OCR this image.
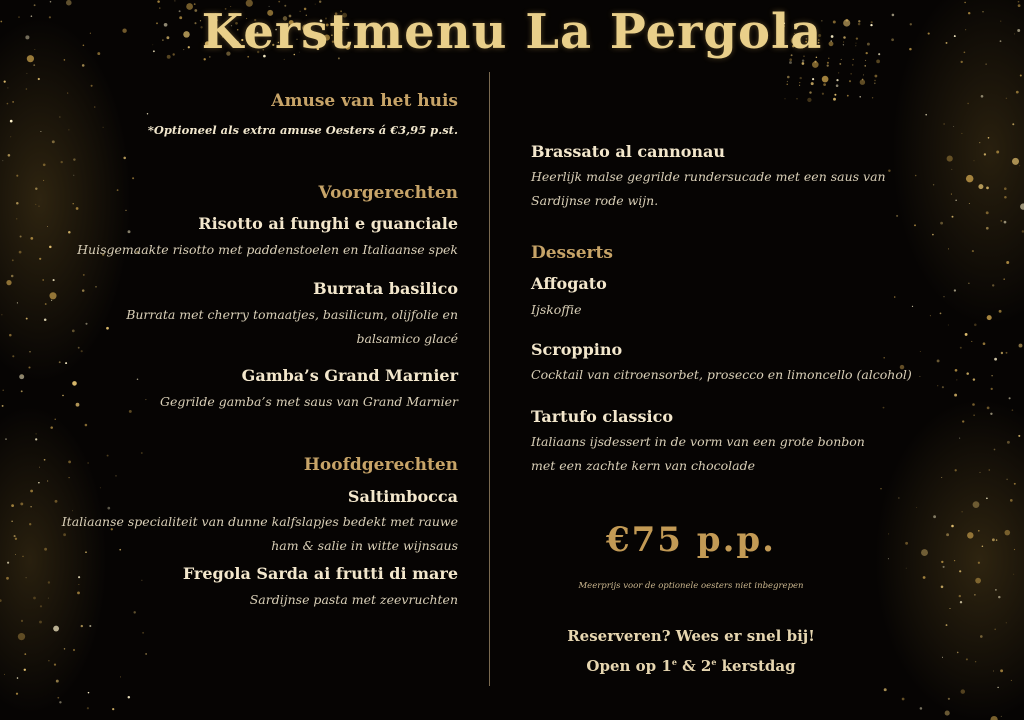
Kerstmenu La Pergola
Amuse van het huis
*Optioneel als extra amuse Oesters á €3,95 p.st.
Voorgerechten
Risotto ai funghi e guanciale
Huisgemaakte risotto met paddenstoelen en Italiaanse spek
Burrata basilico
Burrata met cherry tomaatjes, basilicum, olijfolie en
balsamico glacé
Gamba’s Grand Marnier
Gegrilde gamba’s met saus van Grand Marnier
Hoofdgerechten
Saltimbocca
Italiaanse specialiteit van dunne kalfslapjes bedekt met rauwe
ham & salie in witte wijnsaus
Fregola Sarda ai frutti di mare
Sardijnse pasta met zeevruchten
Brassato al cannonau
Heerlijk malse gegrilde rundersucade met een saus van
Sardijnse rode wijn.
Desserts
Affogato
Ijskoffie
Scroppino
Cocktail van citroensorbet, prosecco en limoncello (alcohol)
Tartufo classico
Italiaans ijsdessert in de vorm van een grote bonbon
met een zachte kern van chocolade
€75 p.p.
Meerprijs voor de optionele oesters niet inbegrepen
Reserveren? Wees er snel bij!
Open op 1e & 2e kerstdag
